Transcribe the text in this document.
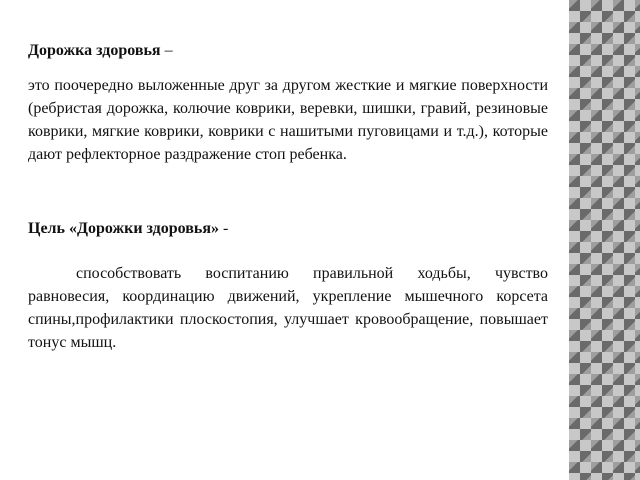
Дорожка здоровья –

это поочередно выложенные друг за другом жесткие и мягкие поверхности (ребристая дорожка, колючие коврики, веревки, шишки, гравий, резиновые коврики, мягкие коврики, коврики с нашитыми пуговицами и т.д.), которые дают рефлекторное раздражение стоп ребенка.

Цель «Дорожки здоровья» -

способствовать воспитанию правильной ходьбы, чувство равновесия, координацию движений, укрепление мышечного корсета спины,профилактики плоскостопия, улучшает кровообращение, повышает тонус мышц.
